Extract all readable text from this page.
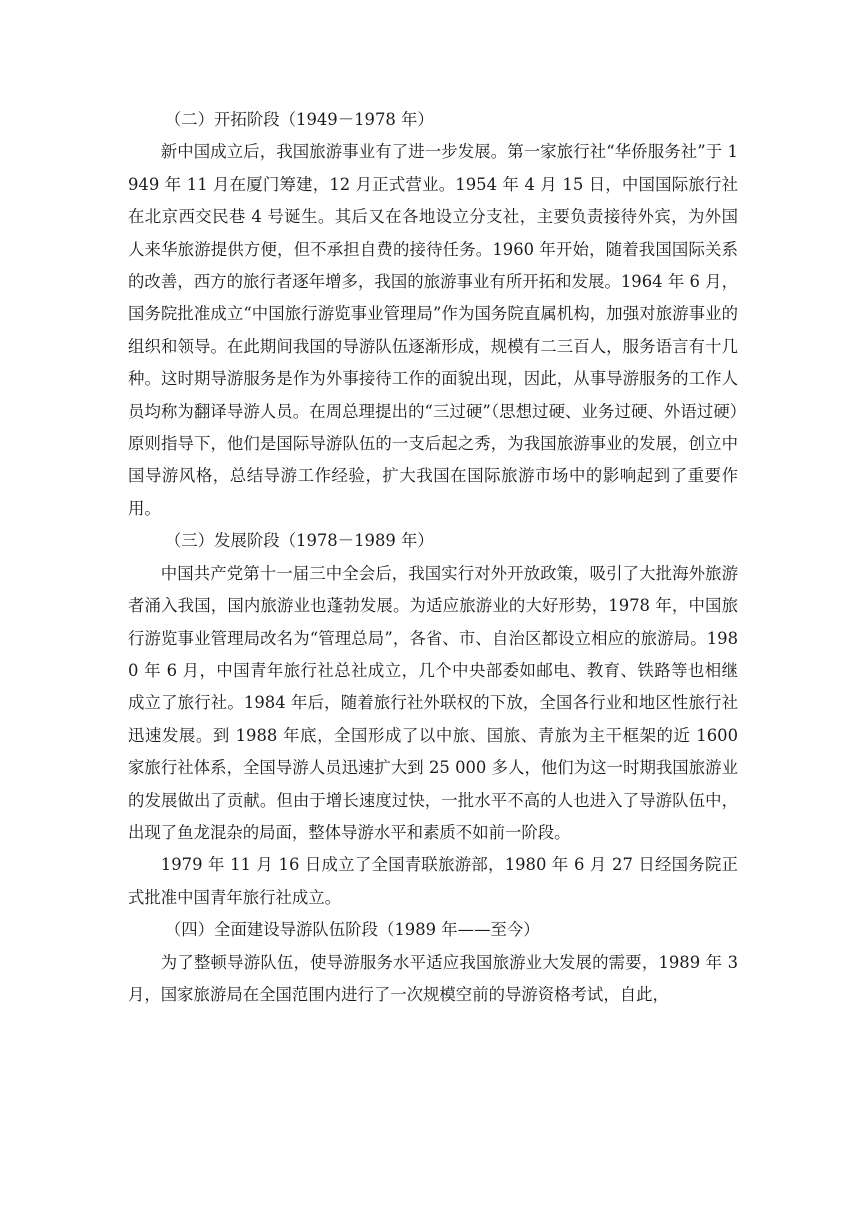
（二）开拓阶段（1949－1978 年）

新中国成立后，我国旅游事业有了进一步发展。第一家旅行社“华侨服务社”于 1949 年 11 月在厦门筹建，12 月正式营业。1954 年 4 月 15 日，中国国际旅行社在北京西交民巷 4 号诞生。其后又在各地设立分支社，主要负责接待外宾，为外国人来华旅游提供方便，但不承担自费的接待任务。1960 年开始，随着我国国际关系的改善，西方的旅行者逐年增多，我国的旅游事业有所开拓和发展。1964 年 6 月，国务院批准成立“中国旅行游览事业管理局”作为国务院直属机构，加强对旅游事业的组织和领导。在此期间我国的导游队伍逐渐形成，规模有二三百人，服务语言有十几种。这时期导游服务是作为外事接待工作的面貌出现，因此，从事导游服务的工作人员均称为翻译导游人员。在周总理提出的“三过硬”（思想过硬、业务过硬、外语过硬）原则指导下，他们是国际导游队伍的一支后起之秀，为我国旅游事业的发展，创立中国导游风格，总结导游工作经验，扩大我国在国际旅游市场中的影响起到了重要作用。

（三）发展阶段（1978－1989 年）

中国共产党第十一届三中全会后，我国实行对外开放政策，吸引了大批海外旅游者涌入我国，国内旅游业也蓬勃发展。为适应旅游业的大好形势，1978 年，中国旅行游览事业管理局改名为“管理总局”，各省、市、自治区都设立相应的旅游局。1980 年 6 月，中国青年旅行社总社成立，几个中央部委如邮电、教育、铁路等也相继成立了旅行社。1984 年后，随着旅行社外联权的下放，全国各行业和地区性旅行社迅速发展。到 1988 年底，全国形成了以中旅、国旅、青旅为主干框架的近 1600 家旅行社体系，全国导游人员迅速扩大到 25 000 多人，他们为这一时期我国旅游业的发展做出了贡献。但由于增长速度过快，一批水平不高的人也进入了导游队伍中，出现了鱼龙混杂的局面，整体导游水平和素质不如前一阶段。

1979 年 11 月 16 日成立了全国青联旅游部，1980 年 6 月 27 日经国务院正式批准中国青年旅行社成立。

（四）全面建设导游队伍阶段（1989 年——至今）

为了整顿导游队伍，使导游服务水平适应我国旅游业大发展的需要，1989 年 3 月，国家旅游局在全国范围内进行了一次规模空前的导游资格考试，自此，
